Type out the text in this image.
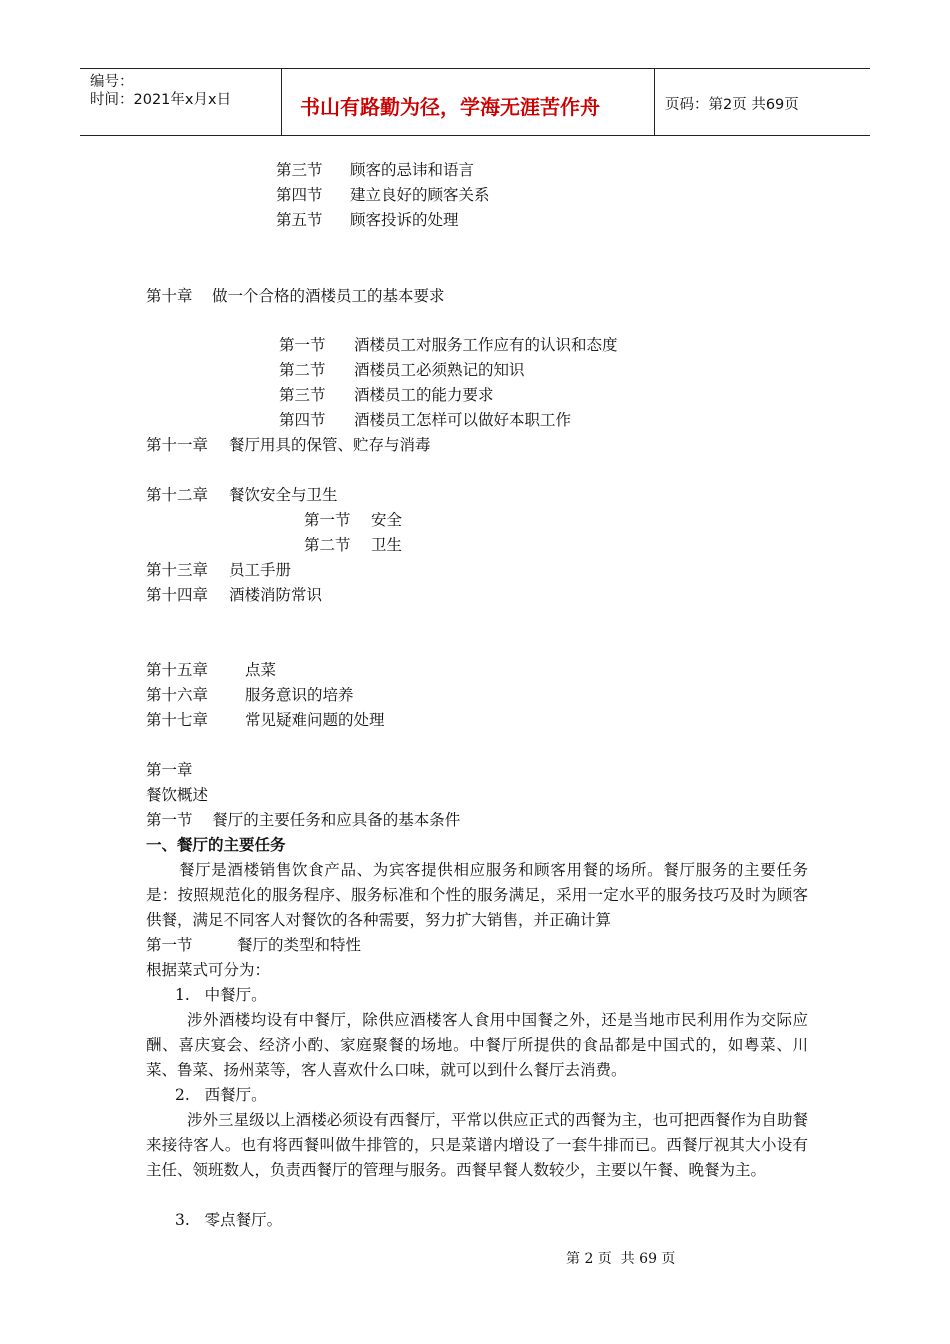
编号：
时间：2021年x月x日	书山有路勤为径，学海无涯苦作舟	页码：第2页 共69页
第三节 顾客的忌讳和语言
第四节 建立良好的顾客关系
第五节 顾客投诉的处理
第十章 做一个合格的酒楼员工的基本要求
第一节 酒楼员工对服务工作应有的认识和态度
第二节 酒楼员工必须熟记的知识
第三节 酒楼员工的能力要求
第四节 酒楼员工怎样可以做好本职工作
第十一章 餐厅用具的保管、贮存与消毒
第十二章 餐饮安全与卫生
第一节 安全
第二节 卫生
第十三章 员工手册
第十四章 酒楼消防常识
第十五章 点菜
第十六章 服务意识的培养
第十七章 常见疑难问题的处理
第一章
餐饮概述
第一节    餐厅的主要任务和应具备的基本条件
一、餐厅的主要任务
餐厅是酒楼销售饮食产品、为宾客提供相应服务和顾客用餐的场所。餐厅服务的主要任务是：按照规范化的服务程序、服务标准和个性的服务满足，采用一定水平的服务技巧及时为顾客供餐，满足不同客人对餐饮的各种需要，努力扩大销售，并正确计算
第一节	餐厅的类型和特性
根据菜式可分为：
1.   中餐厅。
涉外酒楼均设有中餐厅，除供应酒楼客人食用中国餐之外，还是当地市民利用作为交际应酬、喜庆宴会、经济小酌、家庭聚餐的场地。中餐厅所提供的食品都是中国式的，如粤菜、川菜、鲁菜、扬州菜等，客人喜欢什么口味，就可以到什么餐厅去消费。
2.   西餐厅。
涉外三星级以上酒楼必须设有西餐厅，平常以供应正式的西餐为主，也可把西餐作为自助餐来接待客人。也有将西餐叫做牛排管的，只是菜谱内增设了一套牛排而已。西餐厅视其大小设有主任、领班数人，负责西餐厅的管理与服务。西餐早餐人数较少，主要以午餐、晚餐为主。
3.   零点餐厅。
第 2 页  共 69 页
